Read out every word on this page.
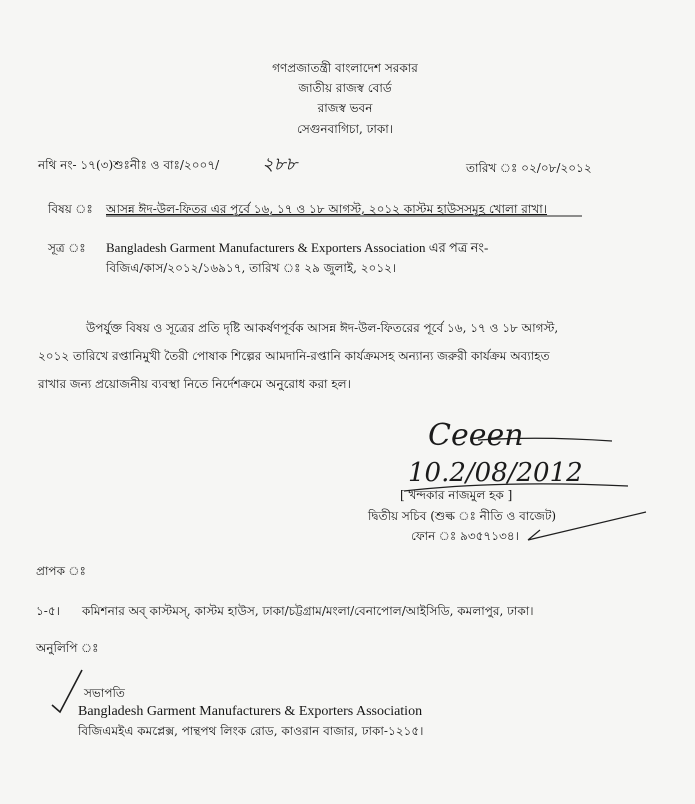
গণপ্রজাতন্ত্রী বাংলাদেশ সরকার
জাতীয় রাজস্ব বোর্ড
রাজস্ব ভবন
সেগুনবাগিচা, ঢাকা।
নথি নং- ১৭(৩)শুঃনীঃ ও বাঃ/২০০৭/ ২৮৮	তারিখ ঃ ০২/০৮/২০১২
বিষয় ঃ আসন্ন ঈদ-উল-ফিতর এর পূর্বে ১৬, ১৭ ও ১৮ আগস্ট, ২০১২ কাস্টম হাউসসমূহ খোলা রাখা।
সূত্র ঃ Bangladesh Garment Manufacturers & Exporters Association এর পত্র নং-
বিজিএ/কাস/২০১২/১৬৯১৭, তারিখ ঃ ২৯ জুলাই, ২০১২।
উপর্যুক্ত বিষয় ও সূত্রের প্রতি দৃষ্টি আকর্ষণপূর্বক আসন্ন ঈদ-উল-ফিতরের পূর্বে ১৬, ১৭ ও ১৮ আগস্ট,
২০১২ তারিখে রপ্তানিমুখী তৈরী পোষাক শিল্পের আমদানি-রপ্তানি কার্যক্রমসহ অন্যান্য জরুরী কার্যক্রম অব্যাহত
রাখার জন্য প্রয়োজনীয় ব্যবস্থা নিতে নির্দেশক্রমে অনুরোধ করা হল।
Ceeen
10.2/08/2012
[ খন্দকার নাজমুল হক ]
দ্বিতীয় সচিব (শুল্ক ঃ নীতি ও বাজেট)
ফোন ঃ ৯৩৫৭১৩৪।
প্রাপক ঃ
১-৫। কমিশনার অব্ কাস্টমস্, কাস্টম হাউস, ঢাকা/চট্টগ্রাম/মংলা/বেনাপোল/আইসিডি, কমলাপুর, ঢাকা।
অনুলিপি ঃ
সভাপতি
Bangladesh Garment Manufacturers & Exporters Association
বিজিএমইএ কমপ্লেক্স, পান্থপথ লিংক রোড, কাওরান বাজার, ঢাকা-১২১৫।
